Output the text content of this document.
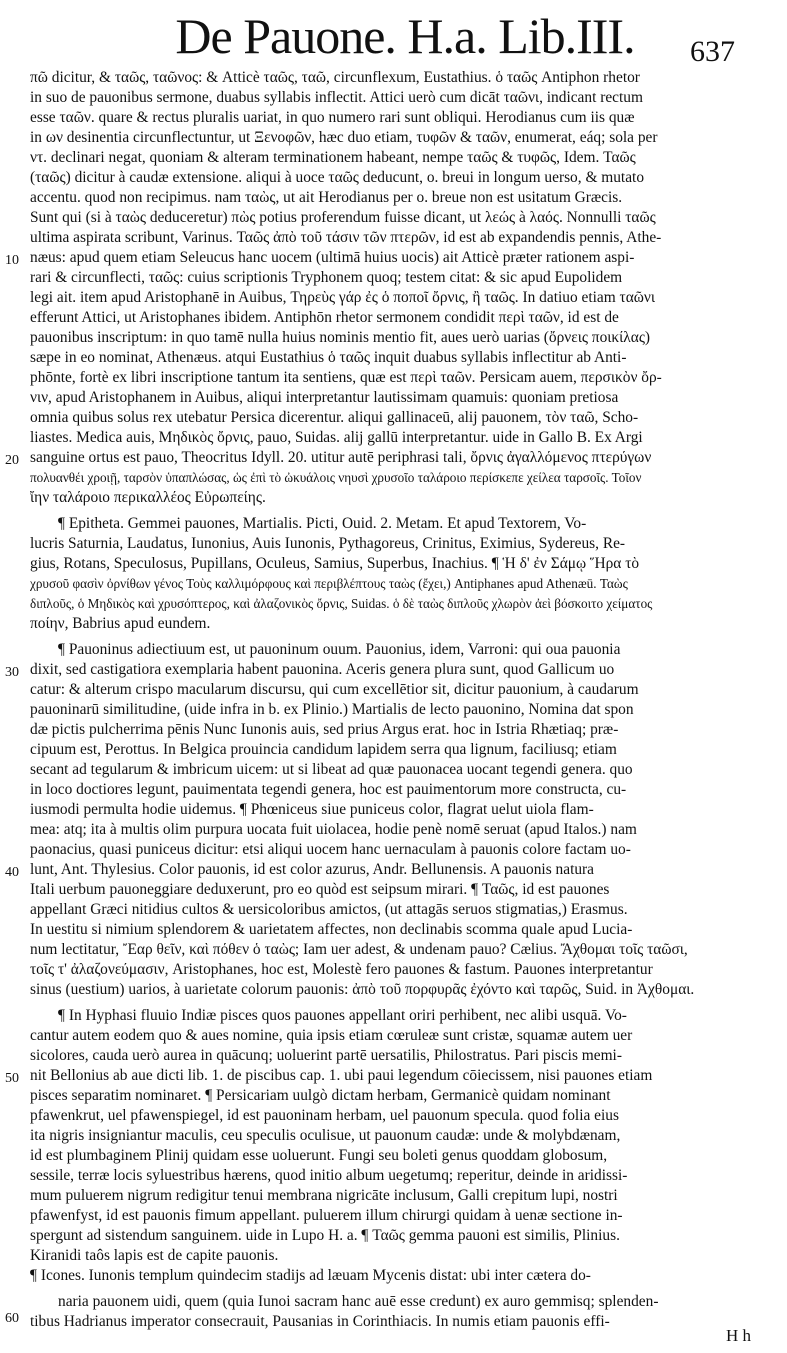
De Pauone. H.a. Lib.III. 637
πῶ dicitur, & ταῶς, ταῶνος: & Atticè ταῶς, ταῶ, circunflexum, Eustathius. ὁ ταῶς Antiphon rhetor
in suo de pauonibus sermone, duabus syllabis inflectit. Attici uerò cum dicāt ταῶνι, indicant rectum
esse ταῶν. quare & rectus pluralis uariat, in quo numero rari sunt obliqui. Herodianus cum iis quæ
in ων desinentia circunflectuntur, ut Ξενοφῶν, hæc duo etiam, τυφῶν & ταῶν, enumerat, eáq; sola per
ντ. declinari negat, quoniam & alteram terminationem habeant, nempe ταῶς & τυφῶς, Idem. Ταῶς
(ταῶς) dicitur à caudæ extensione. aliqui à uoce ταῶς deducunt, ο. breui in longum uerso, & mutato
accentu. quod non recipimus. nam ταὼς, ut ait Herodianus per ο. breue non est usitatum Græcis.
Sunt qui (si à ταὼς deduceretur) πὼς potius proferendum fuisse dicant, ut λεώς à λαός. Nonnulli ταῶς
ultima aspirata scribunt, Varinus. Ταῶς ἀπὸ τοῦ τάσιν τῶν πτερῶν, id est ab expandendis pennis, Athe-
10 næus: apud quem etiam Seleucus hanc uocem (ultimā huius uocis) ait Atticè præter rationem aspi-
rari & circunflecti, ταῶς: cuius scriptionis Tryphonem quoq; testem citat: & sic apud Eupolidem
legi ait. item apud Aristophanē in Auibus, Τηρεὺς γάρ ἐς ὁ ποποῖ ὄρνις, ἢ ταῶς. In datiuo etiam ταῶνι
efferunt Attici, ut Aristophanes ibidem. Antiphōn rhetor sermonem condidit περὶ ταῶν, id est de
pauonibus inscriptum: in quo tamē nulla huius nominis mentio fit, aues uerò uarias (ὄρνεις ποικίλας)
sæpe in eo nominat, Athenæus. atqui Eustathius ὁ ταῶς inquit duabus syllabis inflectitur ab Anti-
phōnte, fortè ex libri inscriptione tantum ita sentiens, quæ est περὶ ταῶν. Persicam auem, περσικὸν ὄρ-
νιν, apud Aristophanem in Auibus, aliqui interpretantur lautissimam quamuis: quoniam pretiosa
omnia quibus solus rex utebatur Persica dicerentur. aliqui gallinaceū, alij pauonem, τὸν ταῶ, Scho-
liastes. Medica auis, Μηδικὸς ὄρνις, pauo, Suidas. alij gallū interpretantur. uide in Gallo B. Ex Argi
20 sanguine ortus est pauo, Theocritus Idyll. 20. utitur autē periphrasi tali, ὄρνις ἀγαλλόμενος πτερύγων
πολυανθέι χροιῇ, ταρσὸν ὑπαπλώσας, ὡς ἐπὶ τὸ ὠκυάλοις νηυσὶ χρυσοῖο ταλάροιο περίσκεπε χείλεα ταρσοῖς. Τοῖον
ἴην ταλάροιο περικαλλέος Εὐρωπείης.
¶ Epitheta. Gemmei pauones, Martialis. Picti, Ouid. 2. Metam. Et apud Textorem, Vo-
lucris Saturnia, Laudatus, Iunonius, Auis Iunonis, Pythagoreus, Crinitus, Eximius, Sydereus, Re-
gius, Rotans, Speculosus, Pupillans, Oculeus, Samius, Superbus, Inachius. ¶ Ἡ δ' ἐν Σάμῳ Ἥρα τὸ
χρυσοῦ φασὶν ὀρνίθων γένος Τοὺς καλλιμόρφους καὶ περιβλέπτους ταὼς (ἔχει,) Antiphanes apud Athenæū. Ταὼς
διπλοῦς, ὁ Μηδικὸς καὶ χρυσόπτερος, καὶ ἀλαζονικὸς ὄρνις, Suidas. ὁ δὲ ταὼς διπλοῦς χλωρὸν ἀεὶ βόσκοιτο χείματος
ποίην, Babrius apud eundem.
¶ Pauoninus adiectiuum est, ut pauoninum ouum. Pauonius, idem, Varroni: qui oua pauonia
30 dixit, sed castigatiora exemplaria habent pauonina. Aceris genera plura sunt, quod Gallicum uo
catur: & alterum crispo macularum discursu, qui cum excellētior sit, dicitur pauonium, à caudarum
pauoninarū similitudine, (uide infra in b. ex Plinio.) Martialis de lecto pauonino, Nomina dat spon
dæ pictis pulcherrima pēnis Nunc Iunonis auis, sed prius Argus erat. hoc in Istria Rhætiaq; præ-
cipuum est, Perottus. In Belgica prouincia candidum lapidem serra qua lignum, faciliusq; etiam
secant ad tegularum & imbricum uicem: ut si libeat ad quæ pauonacea uocant tegendi genera. quo
in loco doctiores legunt, pauimentata tegendi genera, hoc est pauimentorum more constructa, cu-
iusmodi permulta hodie uidemus. ¶ Phœniceus siue puniceus color, flagrat uelut uiola flam-
mea: atq; ita à multis olim purpura uocata fuit uiolacea, hodie penè nomē seruat (apud Italos.) nam
paonacius, quasi puniceus dicitur: etsi aliqui uocem hanc uernaculam à pauonis colore factam uo-
40 lunt, Ant. Thylesius. Color pauonis, id est color azurus, Andr. Bellunensis. A pauonis natura
Itali uerbum pauoneggiare deduxerunt, pro eo quòd est seipsum mirari. ¶ Ταῶς, id est pauones
appellant Græci nitidius cultos & uersicoloribus amictos, (ut attagās seruos stigmatias,) Erasmus.
In uestitu si nimium splendorem & uarietatem affectes, non declinabis scomma quale apud Lucia-
num lectitatur, Ἔαρ θεῖν, καὶ πόθεν ὁ ταὼς; Iam uer adest, & undenam pauo? Cælius. Ἄχθομαι τοῖς ταῶσι,
τοῖς τ' ἀλαζονεύμασιν, Aristophanes, hoc est, Molestè fero pauones & fastum. Pauones interpretantur
sinus (uestium) uarios, à uarietate colorum pauonis: ἀπὸ τοῦ πορφυρᾶς ἐχόντο καὶ ταρῶς, Suid. in Ἀχθομαι.
¶ In Hyphasi fluuio Indiæ pisces quos pauones appellant oriri perhibent, nec alibi usquā. Vo-
cantur autem eodem quo & aues nomine, quia ipsis etiam cœruleæ sunt cristæ, squamæ autem uer
sicolores, cauda uerò aurea in quācunq; uoluerint partē uersatilis, Philostratus. Pari piscis memi-
50 nit Bellonius ab aue dicti lib. 1. de piscibus cap. 1. ubi paui legendum cōiecissem, nisi pauones etiam
pisces separatim nominaret. ¶ Persicariam uulgò dictam herbam, Germanicè quidam nominant
pfawenkrut, uel pfawenspiegel, id est pauoninam herbam, uel pauonum specula. quod folia eius
ita nigris insigniantur maculis, ceu speculis oculisue, ut pauonum caudæ: unde & molybdænam,
id est plumbaginem Plinij quidam esse uoluerunt. Fungi seu boleti genus quoddam globosum,
sessile, terræ locis syluestribus hærens, quod initio album uegetumq; reperitur, deinde in aridissi-
mum puluerem nigrum redigitur tenui membrana nigricāte inclusum, Galli crepitum lupi, nostri
pfawenfyst, id est pauonis fimum appellant. puluerem illum chirurgi quidam à uenæ sectione in-
spergunt ad sistendum sanguinem. uide in Lupo H. a. ¶ Ταῶς gemma pauoni est similis, Plinius.
Kiranidi taôs lapis est de capite pauonis.
¶ Icones. Iunonis templum quindecim stadijs ad læuam Mycenis distat: ubi inter cætera do-
60
naria pauonem uidi, quem (quia Iunoi sacram hanc auē esse credunt) ex auro gemmisq; splenden-
tibus Hadrianus imperator consecrauit, Pausanias in Corinthiacis. In numis etiam pauonis effi-
H h
